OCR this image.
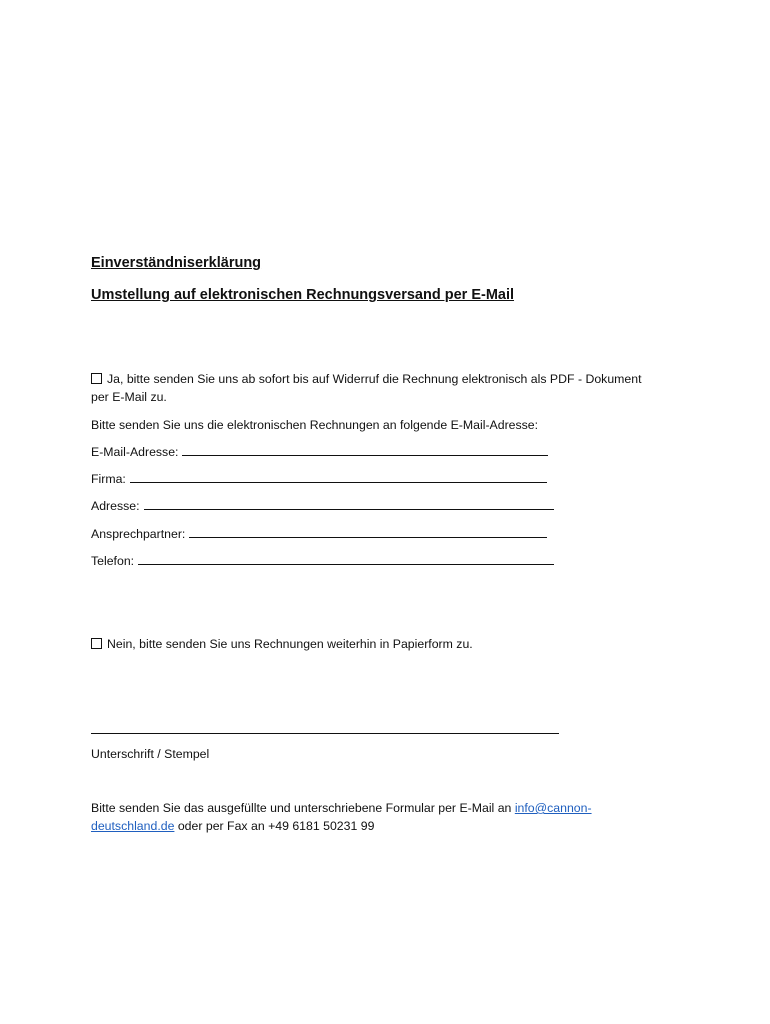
Einverständniserklärung
Umstellung auf elektronischen Rechnungsversand per E-Mail
Ja, bitte senden Sie uns ab sofort bis auf Widerruf die Rechnung elektronisch als PDF - Dokument
per E-Mail zu.
Bitte senden Sie uns die elektronischen Rechnungen an folgende E-Mail-Adresse:
E-Mail-Adresse:
Firma:
Adresse:
Ansprechpartner:
Telefon:
Nein, bitte senden Sie uns Rechnungen weiterhin in Papierform zu.
Unterschrift / Stempel
Bitte senden Sie das ausgefüllte und unterschriebene Formular per E-Mail an info@cannon-
deutschland.de oder per Fax an +49 6181 50231 99
